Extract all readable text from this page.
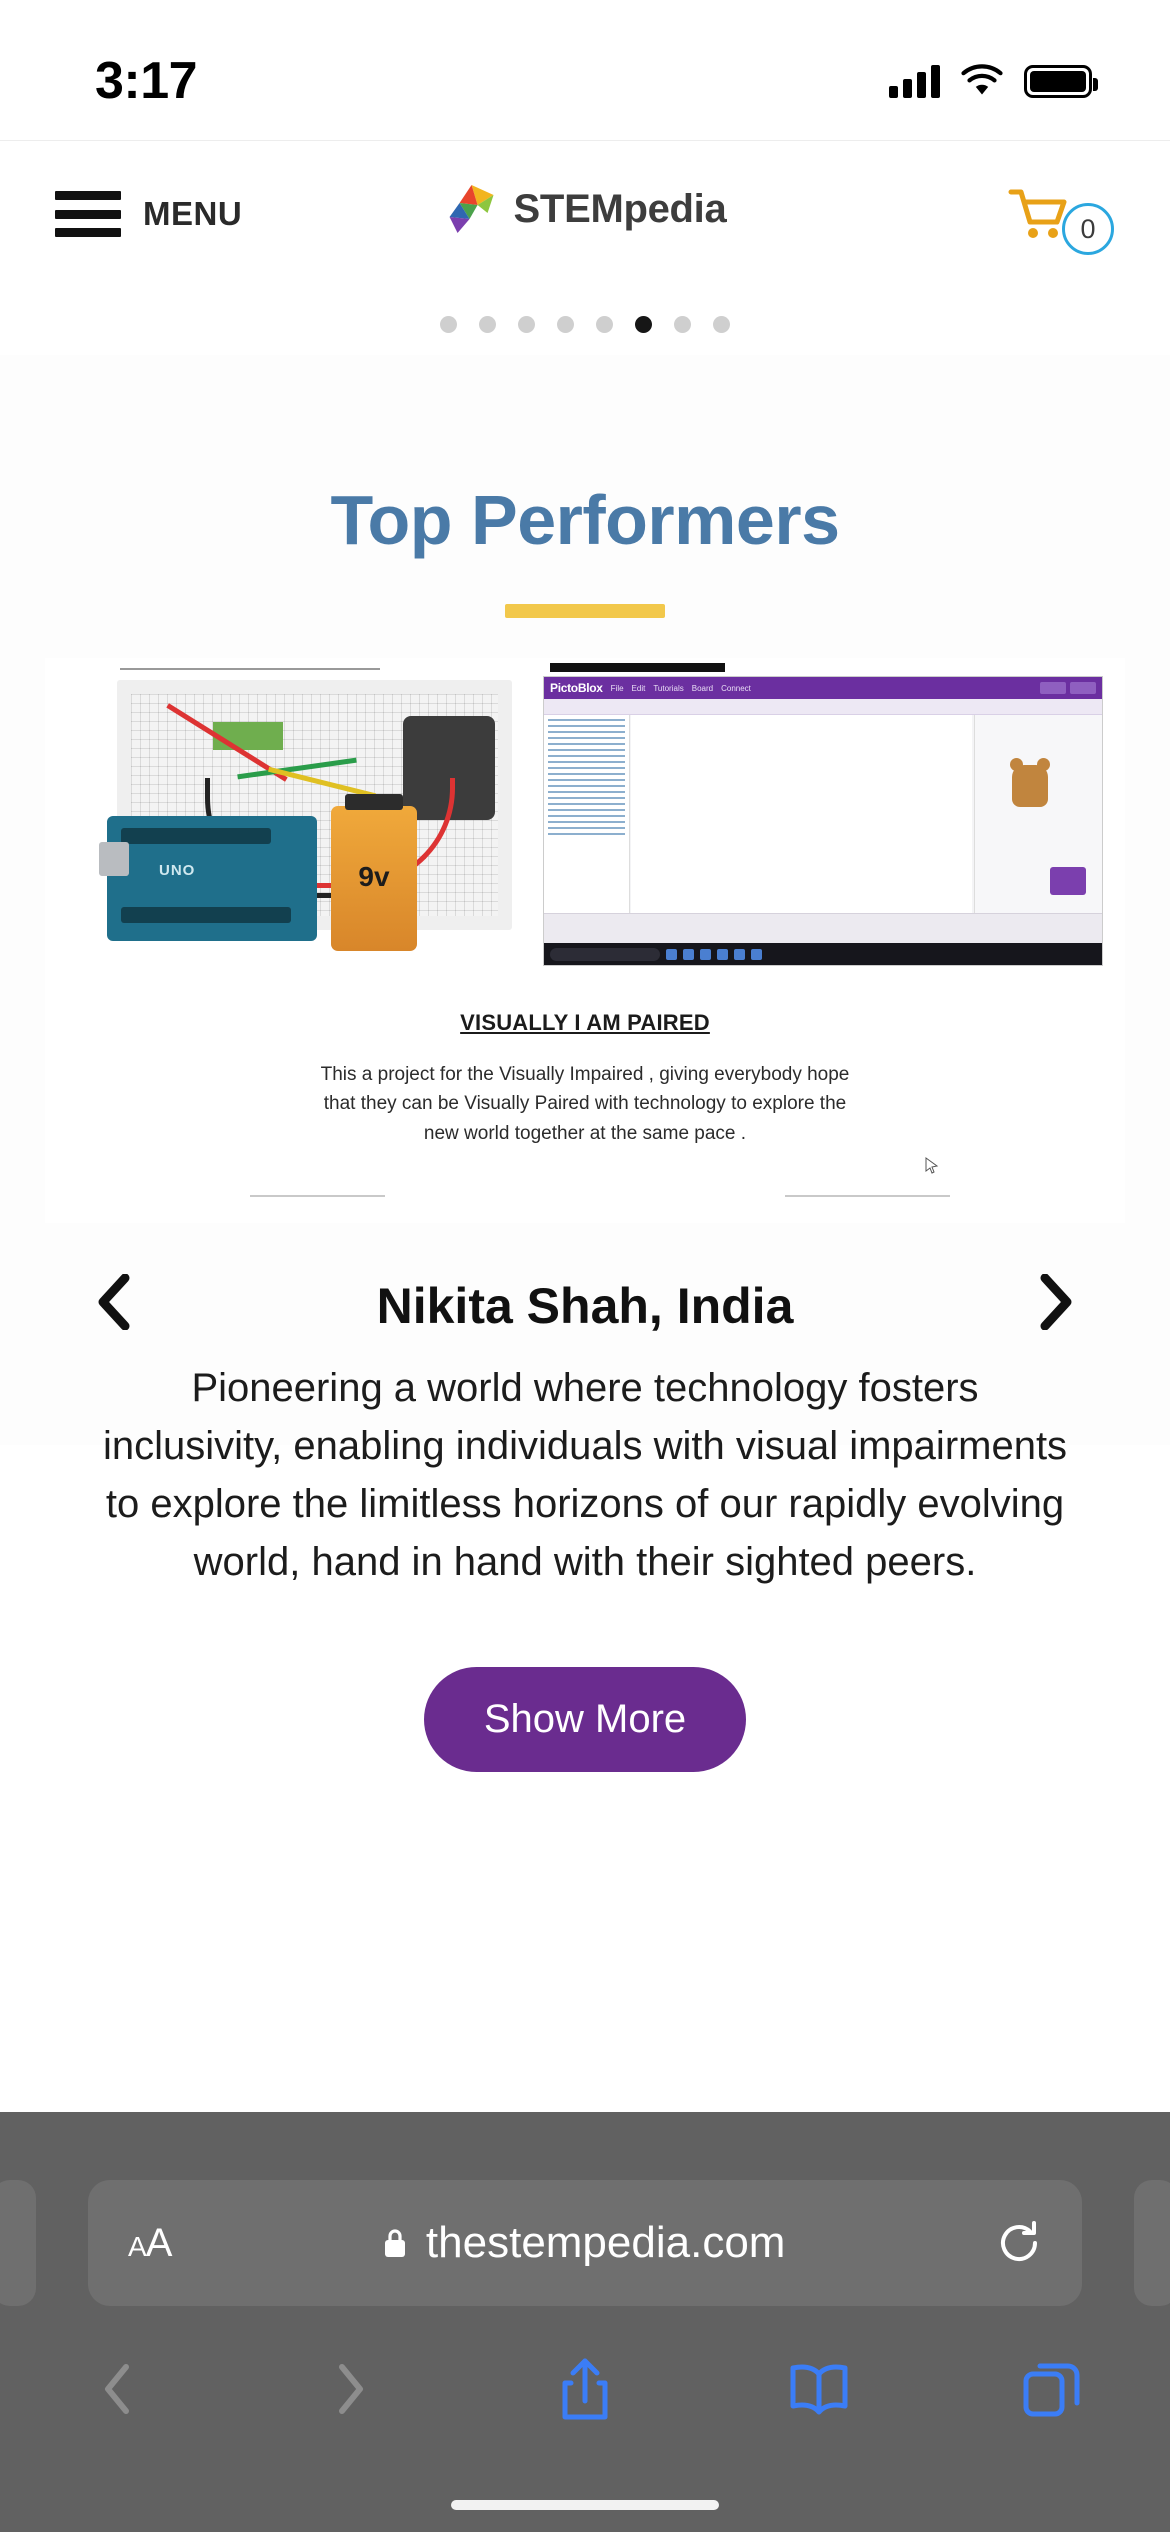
3:17
MENU	STEMpedia	0
Top Performers
UNO	9v
PictoBlox File Edit Tutorials Board Connect
VISUALLY I AM PAIRED
This a project for the Visually Impaired , giving everybody hope that they can be Visually Paired with technology to explore the new world together at the same pace .
Nikita Shah, India
Pioneering a world where technology fosters inclusivity, enabling individuals with visual impairments to explore the limitless horizons of our rapidly evolving world, hand in hand with their sighted peers.
Show More
AA	thestempedia.com
